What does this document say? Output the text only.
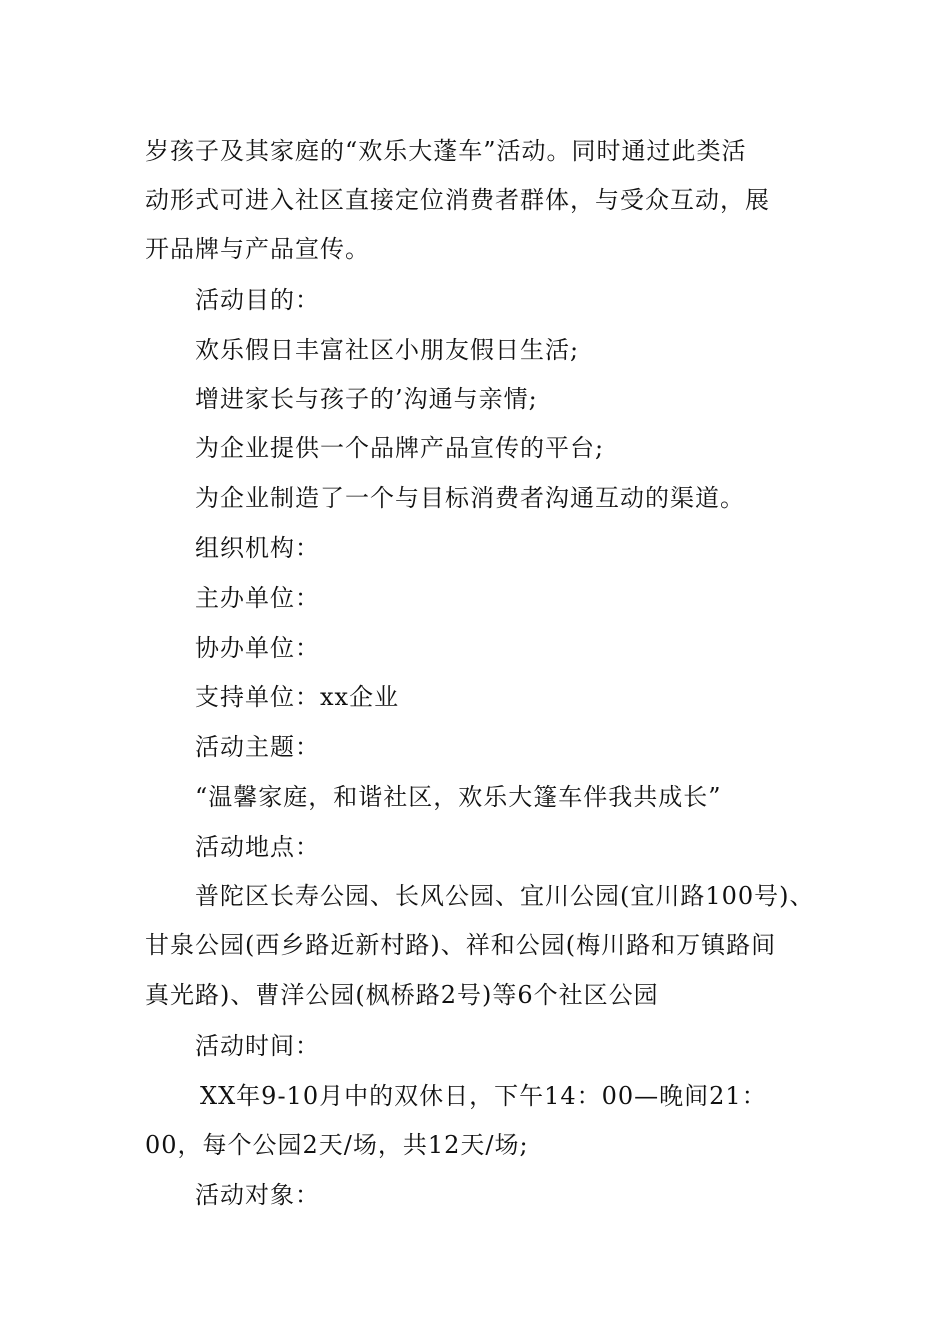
岁孩子及其家庭的“欢乐大蓬车”活动。同时通过此类活

动形式可进入社区直接定位消费者群体，与受众互动，展

开品牌与产品宣传。

活动目的：

欢乐假日丰富社区小朋友假日生活;

增进家长与孩子的’沟通与亲情;

为企业提供一个品牌产品宣传的平台;

为企业制造了一个与目标消费者沟通互动的渠道。

组织机构：

主办单位：

协办单位：

支持单位：xx企业

活动主题：

“温馨家庭，和谐社区，欢乐大篷车伴我共成长”

活动地点：

普陀区长寿公园、长风公园、宜川公园(宜川路100号)、

甘泉公园(西乡路近新村路)、祥和公园(梅川路和万镇路间

真光路)、曹洋公园(枫桥路2号)等6个社区公园

活动时间：

XX年9-10月中的双休日，下午14：00—晚间21：

00，每个公园2天/场，共12天/场;

活动对象：
